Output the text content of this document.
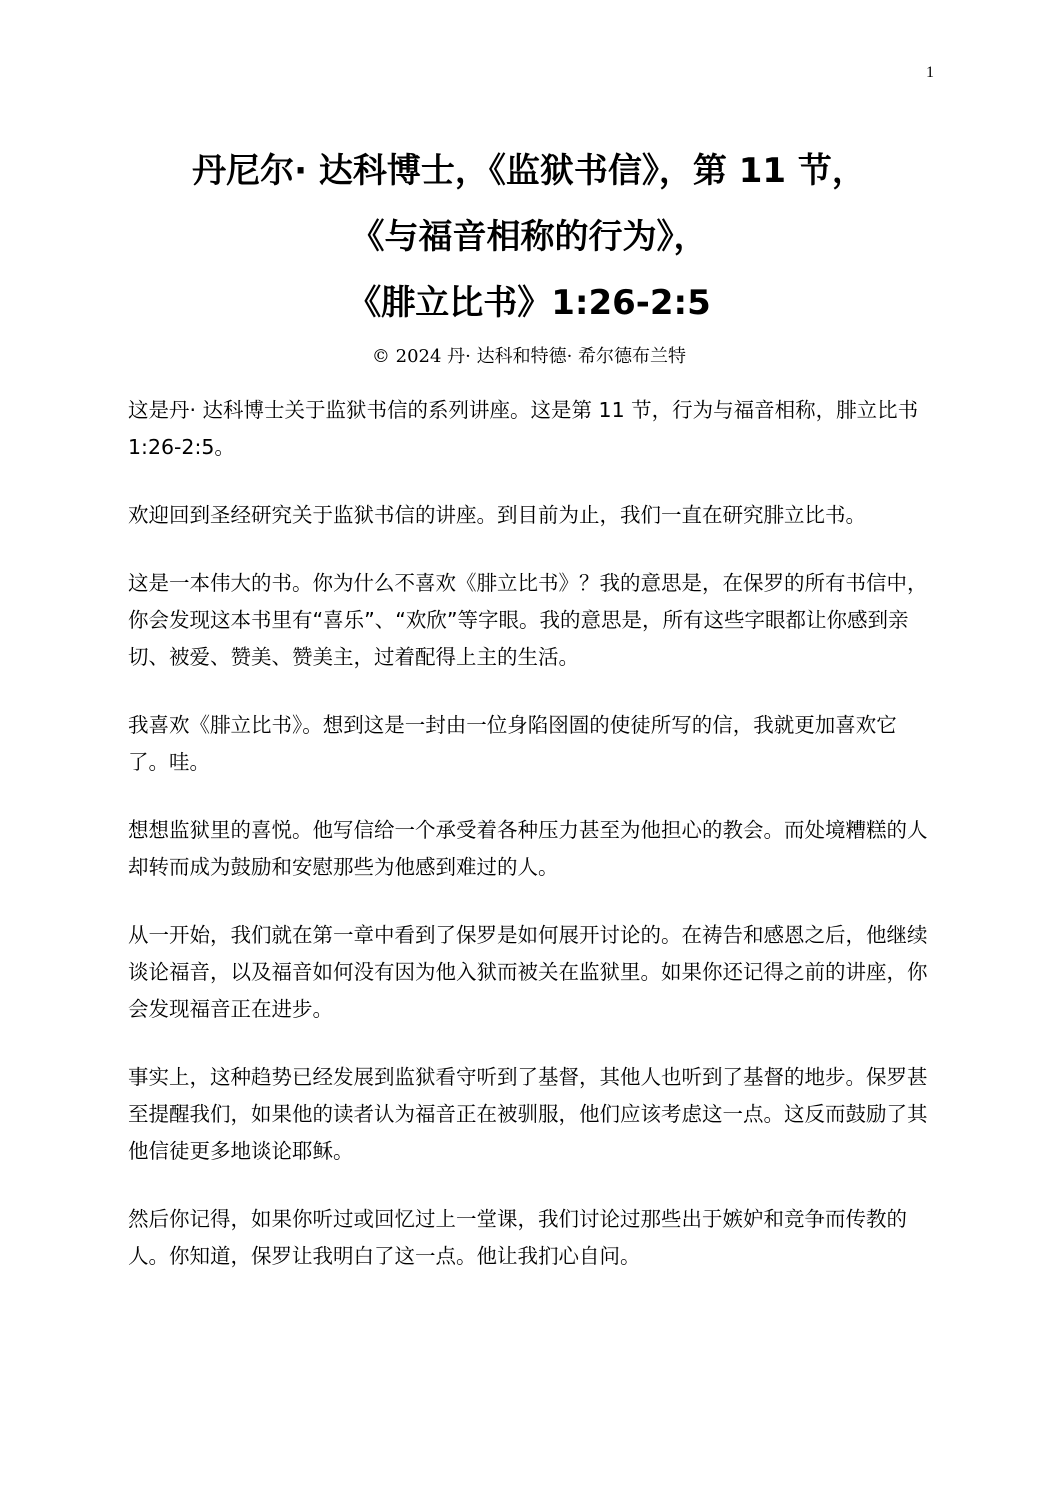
1
丹尼尔· 达科博士，《监狱书信》，第 11 节，
《与福音相称的行为》，
《腓立比书》1:26-2:5
© 2024 丹· 达科和特德· 希尔德布兰特

这是丹· 达科博士关于监狱书信的系列讲座。这是第 11 节，行为与福音相称，腓立比书 1:26-2:5。

欢迎回到圣经研究关于监狱书信的讲座。到目前为止，我们一直在研究腓立比书。

这是一本伟大的书。你为什么不喜欢《腓立比书》？我的意思是，在保罗的所有书信中，你会发现这本书里有“喜乐”、“欢欣”等字眼。我的意思是，所有这些字眼都让你感到亲切、被爱、赞美、赞美主，过着配得上主的生活。

我喜欢《腓立比书》。想到这是一封由一位身陷囹圄的使徒所写的信，我就更加喜欢它了。哇。

想想监狱里的喜悦。他写信给一个承受着各种压力甚至为他担心的教会。而处境糟糕的人却转而成为鼓励和安慰那些为他感到难过的人。

从一开始，我们就在第一章中看到了保罗是如何展开讨论的。在祷告和感恩之后，他继续谈论福音，以及福音如何没有因为他入狱而被关在监狱里。如果你还记得之前的讲座，你会发现福音正在进步。

事实上，这种趋势已经发展到监狱看守听到了基督，其他人也听到了基督的地步。保罗甚至提醒我们，如果他的读者认为福音正在被驯服，他们应该考虑这一点。这反而鼓励了其他信徒更多地谈论耶稣。

然后你记得，如果你听过或回忆过上一堂课，我们讨论过那些出于嫉妒和竞争而传教的人。你知道，保罗让我明白了这一点。他让我扪心自问。
